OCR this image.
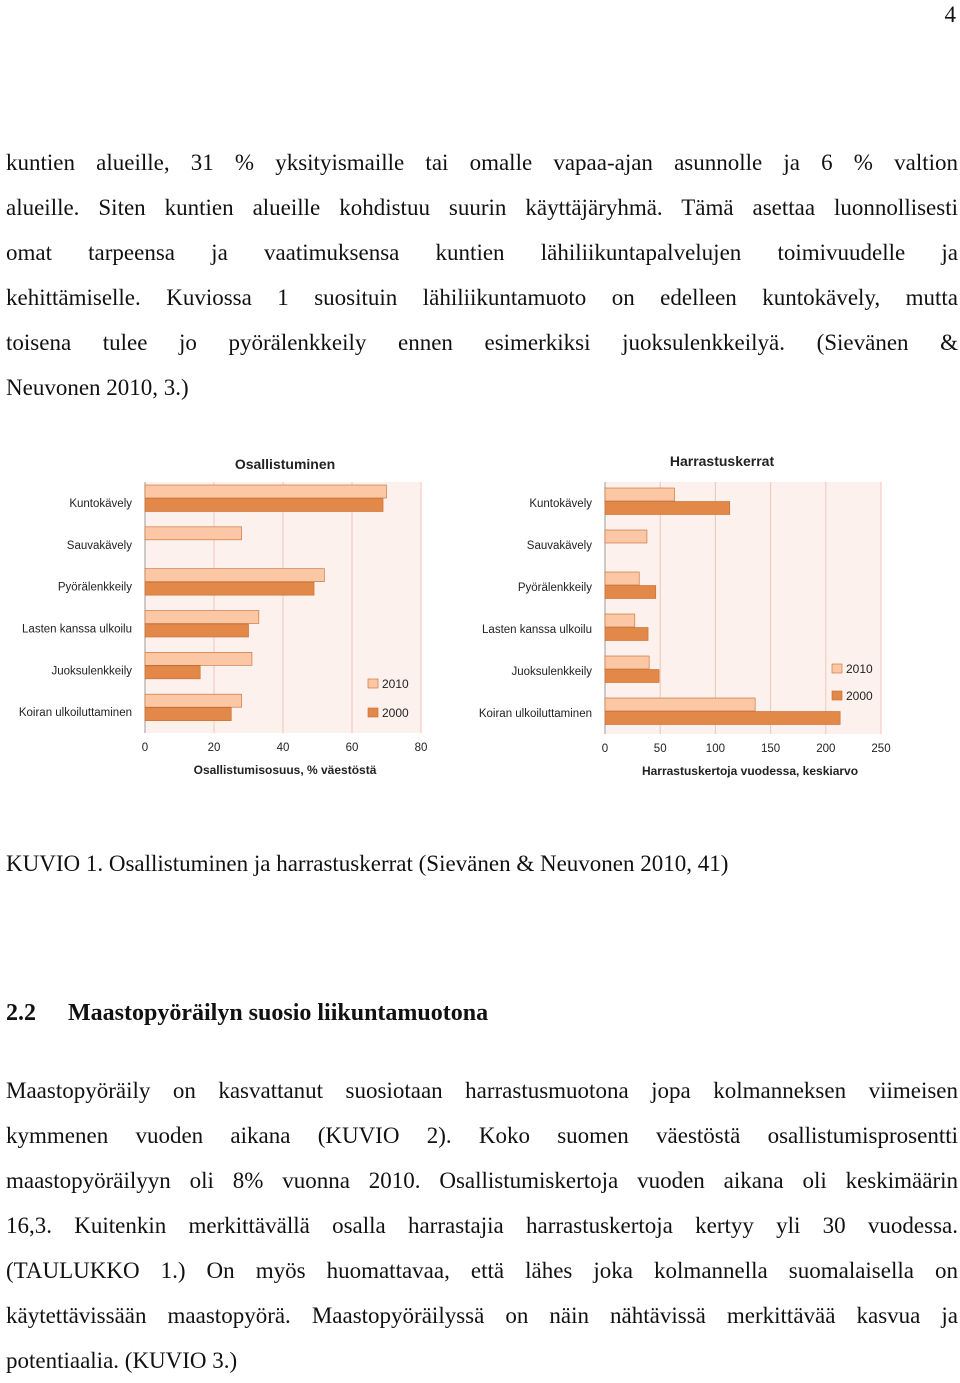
4
kuntien alueille, 31 % yksityismaille tai omalle vapaa-ajan asunnolle ja 6 % valtion
alueille. Siten kuntien alueille kohdistuu suurin käyttäjäryhmä. Tämä asettaa luonnollisesti
omat tarpeensa ja vaatimuksensa kuntien lähiliikuntapalvelujen toimivuudelle ja
kehittämiselle. Kuviossa 1 suosituin lähiliikuntamuoto on edelleen kuntokävely, mutta
toisena tulee jo pyörälenkkeily ennen esimerkiksi juoksulenkkeilyä. (Sievänen &
Neuvonen 2010, 3.)
Osallistuminen
0	20	40	60	80
Kuntokävely
Sauvakävely
Pyörälenkkeily
Lasten kanssa ulkoilu
Juoksulenkkeily
Koiran ulkoiluttaminen
2010
2000
Osallistumisosuus, % väestöstä
Harrastuskerrat
0	50	100	150	200	250
Kuntokävely
Sauvakävely
Pyörälenkkeily
Lasten kanssa ulkoilu
Juoksulenkkeily
Koiran ulkoiluttaminen
2010
2000
Harrastuskertoja vuodessa, keskiarvo

KUVIO 1. Osallistuminen ja harrastuskerrat (Sievänen & Neuvonen 2010, 41)

2.2 Maastopyöräilyn suosio liikuntamuotona
Maastopyöräily on kasvattanut suosiotaan harrastusmuotona jopa kolmanneksen viimeisen
kymmenen vuoden aikana (KUVIO 2). Koko suomen väestöstä osallistumisprosentti
maastopyöräilyyn oli 8% vuonna 2010. Osallistumiskertoja vuoden aikana oli keskimäärin
16,3. Kuitenkin merkittävällä osalla harrastajia harrastuskertoja kertyy yli 30 vuodessa.
(TAULUKKO 1.) On myös huomattavaa, että lähes joka kolmannella suomalaisella on
käytettävissään maastopyörä. Maastopyöräilyssä on näin nähtävissä merkittävää kasvua ja
potentiaalia. (KUVIO 3.)
